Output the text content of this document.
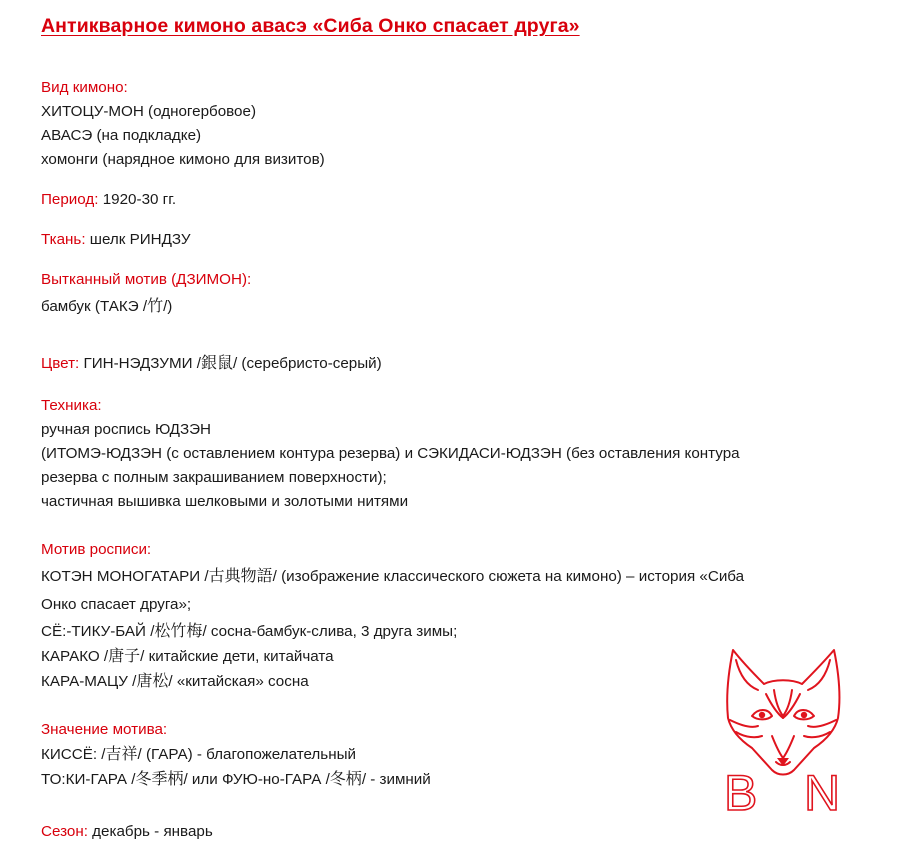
Антикварное кимоно авасэ «Сиба Онко спасает друга»
Вид кимоно:
ХИТОЦУ-МОН (одногербовое)
АВАСЭ (на подкладке)
хомонги (нарядное кимоно для визитов)
Период: 1920-30 гг.
Ткань: шелк РИНДЗУ
Вытканный мотив (ДЗИМОН):
бамбук (ТАКЭ /竹/)
Цвет: ГИН-НЭДЗУМИ /銀鼠/ (серебристо-серый)
Техника:
ручная роспись ЮДЗЭН
(ИТОМЭ-ЮДЗЭН (с оставлением контура резерва) и СЭКИДАСИ-ЮДЗЭН (без оставления контура
резерва с полным закрашиванием поверхности);
частичная вышивка шелковыми и золотыми нитями
Мотив росписи:
КОТЭН МОНОГАТАРИ /古典物語/ (изображение классического сюжета на кимоно) – история «Сиба
Онко спасает друга»;
СЁ:-ТИКУ-БАЙ /松竹梅/ сосна-бамбук-слива, 3 друга зимы;
КАРАКО /唐子/ китайские дети, китайчата
КАРА-МАЦУ /唐松/ «китайская» сосна
Значение мотива:
КИССЁ: /吉祥/ (ГАРА) - благопожелательный
ТО:КИ-ГАРА /冬季柄/ или ФУЮ-но-ГАРА /冬柄/ - зимний
Сезон: декабрь - январь
B N
